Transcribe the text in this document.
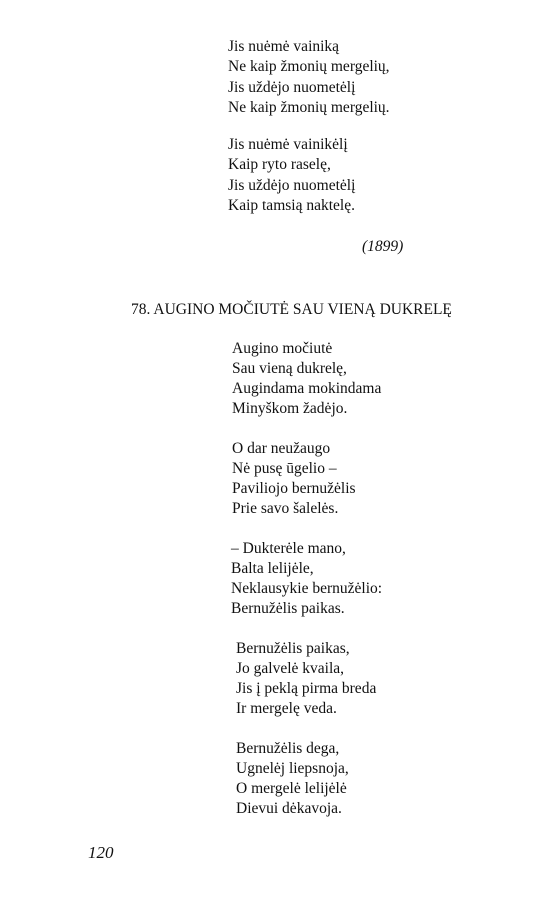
Jis nuėmė vainiką
Ne kaip žmonių mergelių,
Jis uždėjo nuometėlį
Ne kaip žmonių mergelių.
Jis nuėmė vainikėlį
Kaip ryto raselę,
Jis uždėjo nuometėlį
Kaip tamsią naktelę.
(1899)
78. AUGINO MOČIUTĖ SAU VIENĄ DUKRELĘ
Augino močiutė
Sau vieną dukrelę,
Augindama mokindama
Minyškom žadėjo.
O dar neužaugo
Nė pusę ūgelio –
Paviliojo bernužėlis
Prie savo šalelės.
– Dukterėle mano,
Balta lelijėle,
Neklausykie bernužėlio:
Bernužėlis paikas.
Bernužėlis paikas,
Jo galvelė kvaila,
Jis į peklą pirma breda
Ir mergelę veda.
Bernužėlis dega,
Ugnelėj liepsnoja,
O mergelė lelijėlė
Dievui dėkavoja.
120
